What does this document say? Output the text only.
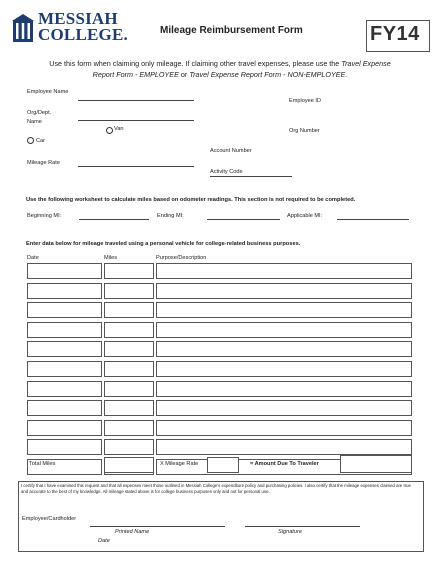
MESSIAH
COLLEGE.	Mileage Reimbursement Form	FY14
Use this form when claiming only mileage. If claiming other travel expenses, please use the Travel Expense
Report Form - EMPLOYEE or Travel Expense Report Form - NON-EMPLOYEE.
Employee Name
Employee ID
Org/Dept.
Name
Van	Org Number
Car
Account Number
Mileage Rate
Activity Code
Use the following worksheet to calculate miles based on odometer readings. This section is not required to be completed.
Beginning MI:	Ending MI:	Applicable MI:
Enter data below for mileage traveled using a personal vehicle for college-related business purposes.
Date	Miles	Purpose/Description
Total Miles	X Mileage Rate	= Amount Due To Traveler
I certify that I have examined this request and that all expenses meet those outlined in Messiah College's expenditure policy and purchasing policies. I also certify that the mileage expenses claimed are true and accurate to the best of my knowledge. All mileage stated above is for college business purposes only and not for personal use.
Employee/Cardholder
Printed Name	Signature
Date
